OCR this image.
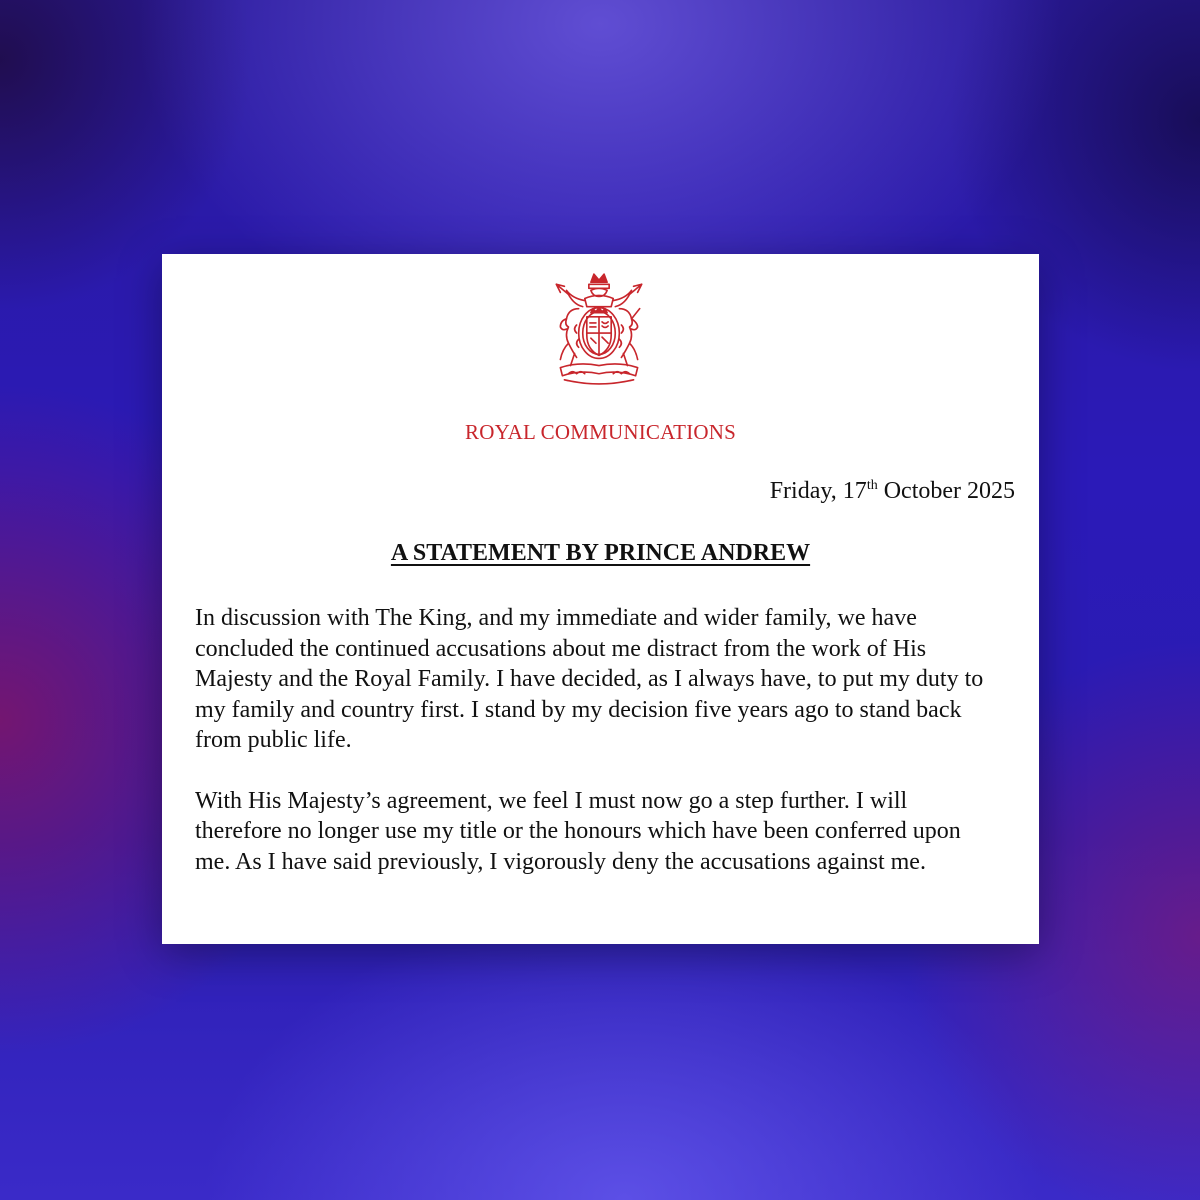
ROYAL COMMUNICATIONS
Friday, 17th October 2025
A STATEMENT BY PRINCE ANDREW

In discussion with The King, and my immediate and wider family, we have concluded the continued accusations about me distract from the work of His Majesty and the Royal Family. I have decided, as I always have, to put my duty to my family and country first. I stand by my decision five years ago to stand back from public life.

With His Majesty’s agreement, we feel I must now go a step further. I will therefore no longer use my title or the honours which have been conferred upon me. As I have said previously, I vigorously deny the accusations against me.
